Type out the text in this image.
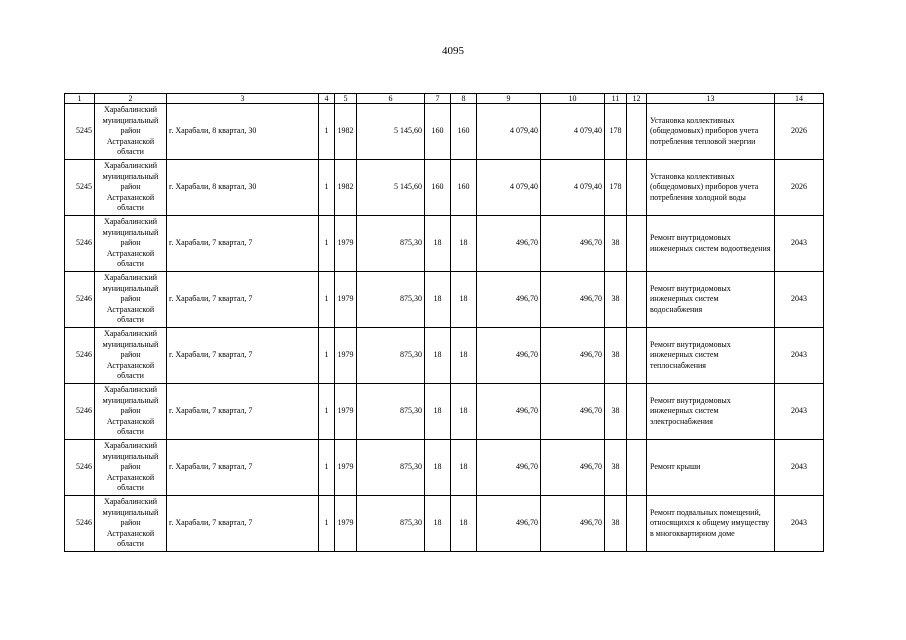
4095
1	2	3	4	5	6	7	8	9	10	11	12	13	14
5245	Харабалинский муниципальный район Астраханской области	г. Харабали, 8 квартал, 30	1	1982	5 145,60	160	160	4 079,40	4 079,40	178		Установка коллективных (общедомовых) приборов учета потребления тепловой энергии	2026
5245	Харабалинский муниципальный район Астраханской области	г. Харабали, 8 квартал, 30	1	1982	5 145,60	160	160	4 079,40	4 079,40	178		Установка коллективных (общедомовых) приборов учета потребления холодной воды	2026
5246	Харабалинский муниципальный район Астраханской области	г. Харабали, 7 квартал, 7	1	1979	875,30	18	18	496,70	496,70	38		Ремонт внутридомовых инженерных систем водоотведения	2043
5246	Харабалинский муниципальный район Астраханской области	г. Харабали, 7 квартал, 7	1	1979	875,30	18	18	496,70	496,70	38		Ремонт внутридомовых инженерных систем водоснабжения	2043
5246	Харабалинский муниципальный район Астраханской области	г. Харабали, 7 квартал, 7	1	1979	875,30	18	18	496,70	496,70	38		Ремонт внутридомовых инженерных систем теплоснабжения	2043
5246	Харабалинский муниципальный район Астраханской области	г. Харабали, 7 квартал, 7	1	1979	875,30	18	18	496,70	496,70	38		Ремонт внутридомовых инженерных систем электроснабжения	2043
5246	Харабалинский муниципальный район Астраханской области	г. Харабали, 7 квартал, 7	1	1979	875,30	18	18	496,70	496,70	38		Ремонт крыши	2043
5246	Харабалинский муниципальный район Астраханской области	г. Харабали, 7 квартал, 7	1	1979	875,30	18	18	496,70	496,70	38		Ремонт подвальных помещений, относящихся к общему имуществу в многоквартирном доме	2043
